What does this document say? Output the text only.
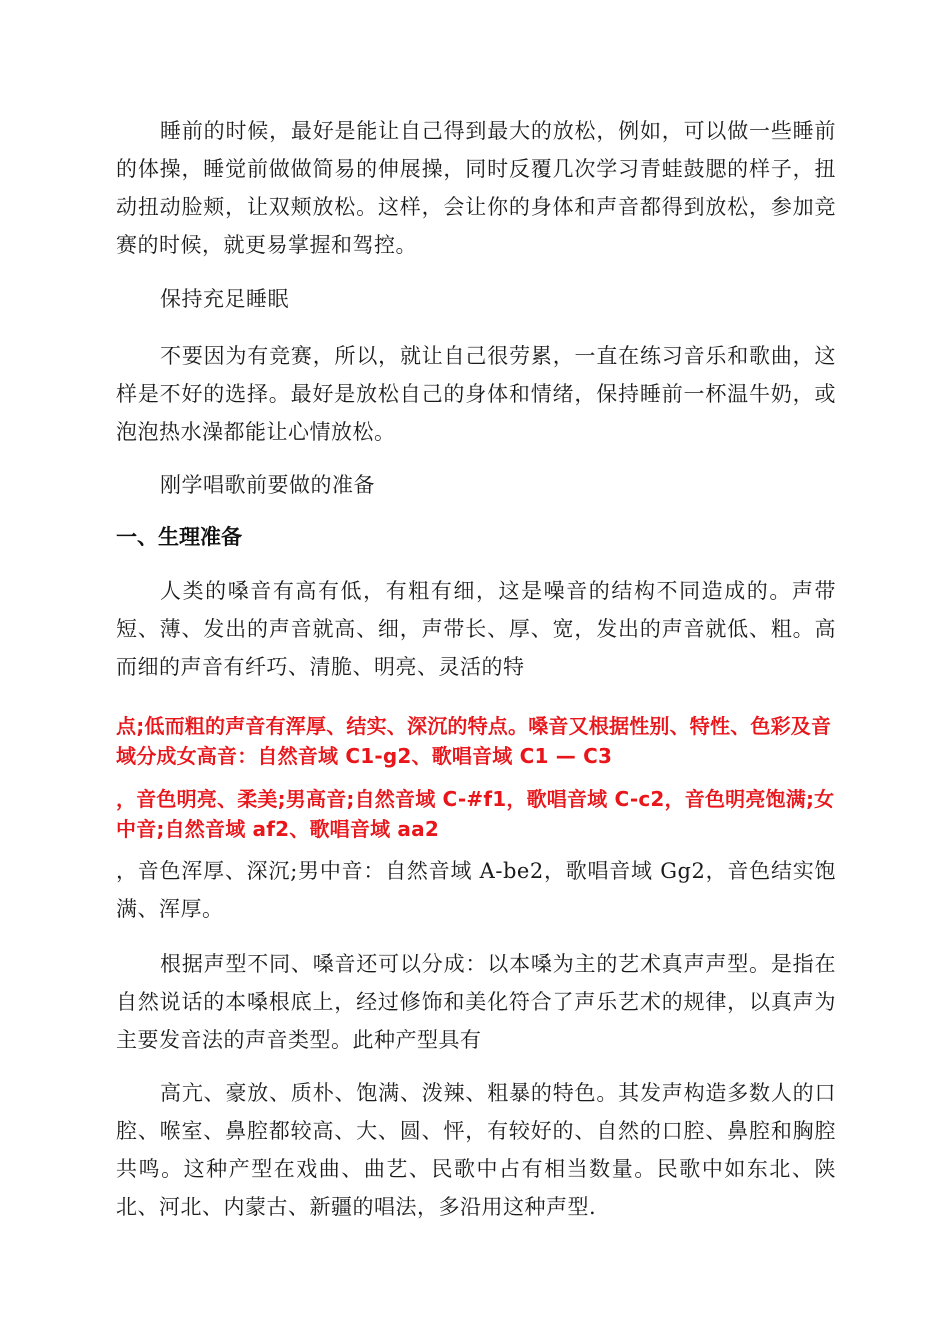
睡前的时候，最好是能让自己得到最大的放松，例如，可以做一些睡前的体操，睡觉前做做简易的伸展操，同时反覆几次学习青蛙鼓腮的样子，扭动扭动脸颊，让双颊放松。这样，会让你的身体和声音都得到放松，参加竞赛的时候，就更易掌握和驾控。

保持充足睡眠

不要因为有竞赛，所以，就让自己很劳累，一直在练习音乐和歌曲，这样是不好的选择。最好是放松自己的身体和情绪，保持睡前一杯温牛奶，或泡泡热水澡都能让心情放松。

刚学唱歌前要做的准备

一、生理准备

人类的嗓音有高有低，有粗有细，这是噪音的结构不同造成的。声带短、薄、发出的声音就高、细，声带长、厚、宽，发出的声音就低、粗。高而细的声音有纤巧、清脆、明亮、灵活的特

点;低而粗的声音有浑厚、结实、深沉的特点。嗓音又根据性别、特性、色彩及音域分成女高音：自然音域 C1-g2、歌唱音域 C1 — C3

，音色明亮、柔美;男高音;自然音域 C-#f1，歌唱音域 C-c2，音色明亮饱满;女中音;自然音域 af2、歌唱音域 aa2

，音色浑厚、深沉;男中音：自然音域 A-be2，歌唱音域 Gg2，音色结实饱满、浑厚。

根据声型不同、嗓音还可以分成：以本嗓为主的艺术真声声型。是指在自然说话的本嗓根底上，经过修饰和美化符合了声乐艺术的规律，以真声为主要发音法的声音类型。此种产型具有

高亢、豪放、质朴、饱满、泼辣、粗暴的特色。其发声构造多数人的口腔、喉室、鼻腔都较高、大、圆、怦，有较好的、自然的口腔、鼻腔和胸腔共鸣。这种产型在戏曲、曲艺、民歌中占有相当数量。民歌中如东北、陕北、河北、内蒙古、新疆的唱法，多沿用这种声型.
